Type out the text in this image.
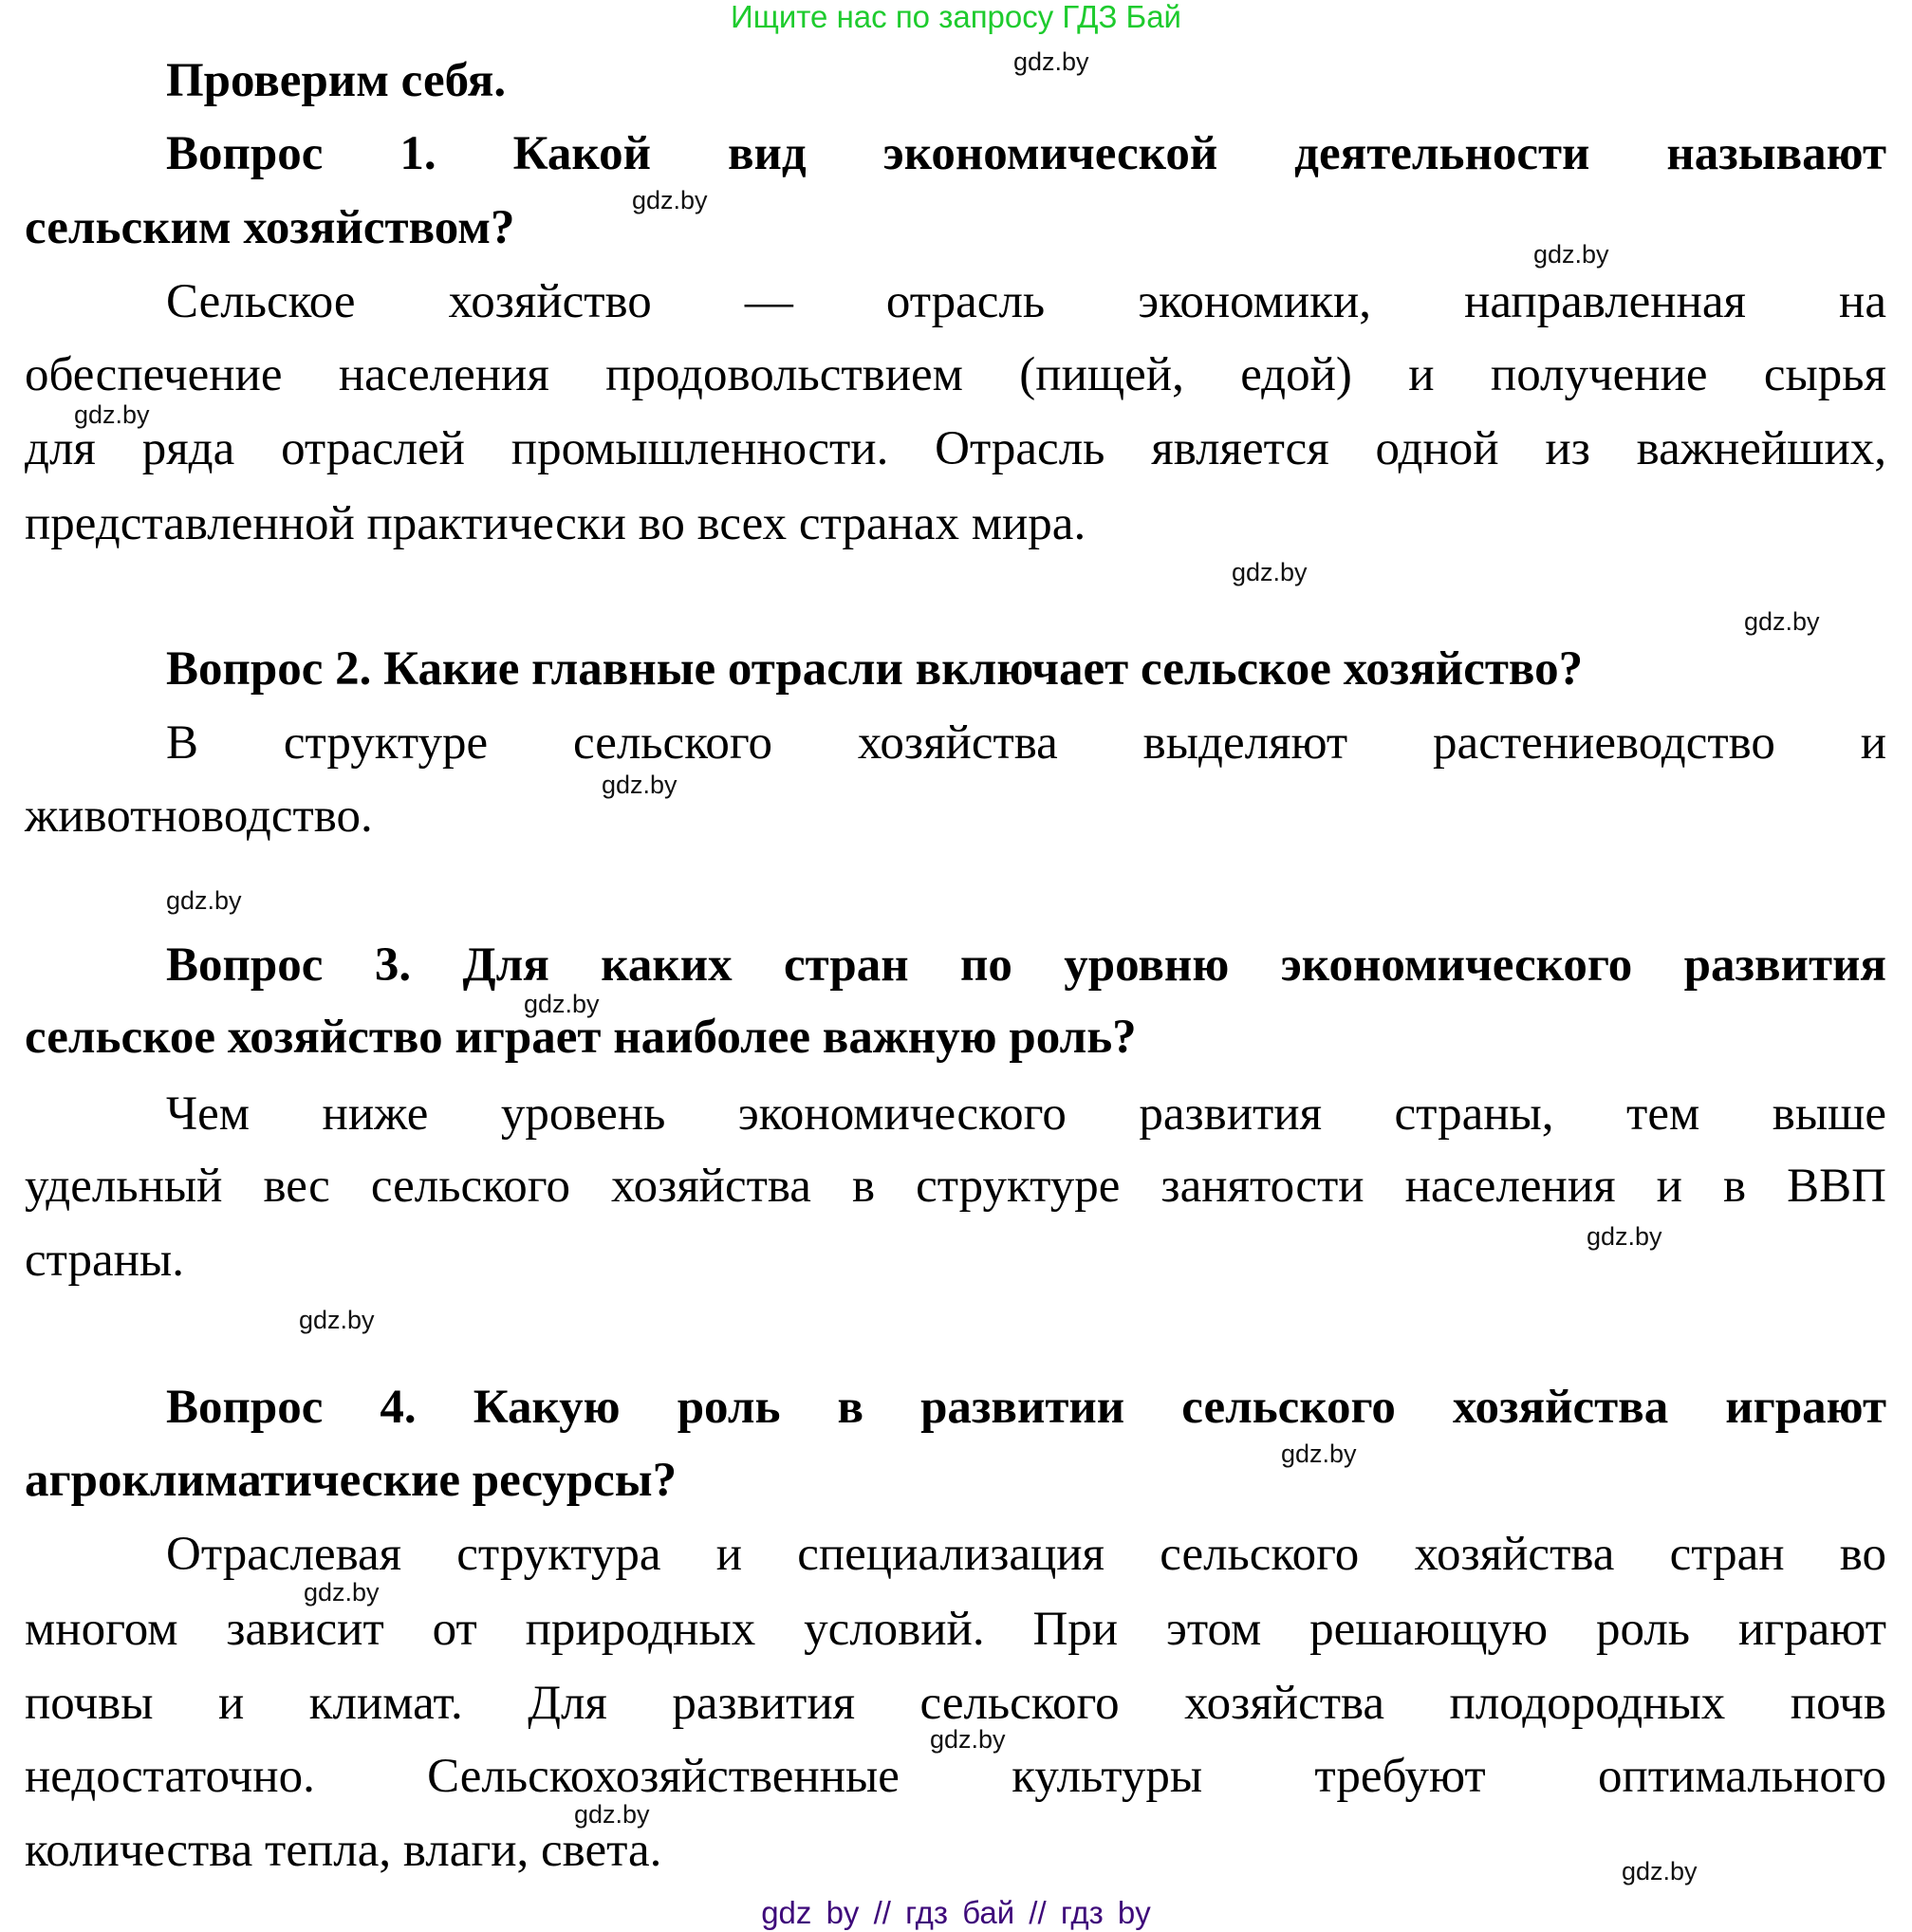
Ищите нас по запросу ГДЗ Бай
Проверим себя.
Вопрос 1. Какой вид экономической деятельности называют
сельским хозяйством?
Сельское хозяйство — отрасль экономики, направленная на
обеспечение населения продовольствием (пищей, едой) и получение сырья
для ряда отраслей промышленности. Отрасль является одной из важнейших,
представленной практически во всех странах мира.
Вопрос 2. Какие главные отрасли включает сельское хозяйство?
В структуре сельского хозяйства выделяют растениеводство и
животноводство.
Вопрос 3. Для каких стран по уровню экономического развития
сельское хозяйство играет наиболее важную роль?
Чем ниже уровень экономического развития страны, тем выше
удельный вес сельского хозяйства в структуре занятости населения и в ВВП
страны.
Вопрос 4. Какую роль в развитии сельского хозяйства играют
агроклиматические ресурсы?
Отраслевая структура и специализация сельского хозяйства стран во
многом зависит от природных условий. При этом решающую роль играют
почвы и климат. Для развития сельского хозяйства плодородных почв
недостаточно. Сельскохозяйственные культуры требуют оптимального
количества тепла, влаги, света.
gdz.by
gdz.by
gdz.by
gdz.by
gdz.by
gdz.by
gdz.by
gdz.by
gdz.by
gdz.by
gdz.by
gdz.by
gdz.by
gdz.by
gdz.by
gdz.by
gdz by // гдз бай // гдз by
